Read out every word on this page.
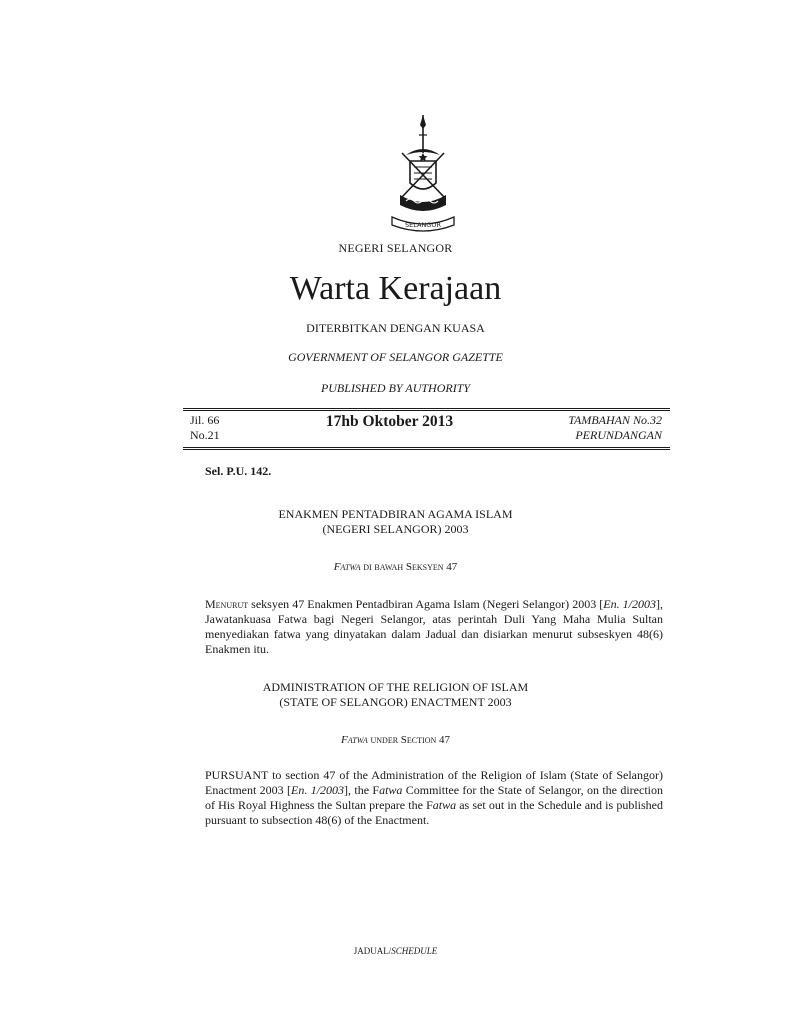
SELANGOR
NEGERI SELANGOR
Warta Kerajaan
DITERBITKAN DENGAN KUASA
GOVERNMENT OF SELANGOR GAZETTE
PUBLISHED BY AUTHORITY
Jil. 66
No.21
17hb Oktober 2013	TAMBAHAN No.32
PERUNDANGAN
Sel. P.U. 142.
ENAKMEN PENTADBIRAN AGAMA ISLAM
(NEGERI SELANGOR) 2003
Fatwa di bawah Seksyen 47
Menurut seksyen 47 Enakmen Pentadbiran Agama Islam (Negeri Selangor) 2003 [En. 1/2003], Jawatankuasa Fatwa bagi Negeri Selangor, atas perintah Duli Yang Maha Mulia Sultan menyediakan fatwa yang dinyatakan dalam Jadual dan disiarkan menurut subseskyen 48(6) Enakmen itu.
ADMINISTRATION OF THE RELIGION OF ISLAM
(STATE OF SELANGOR) ENACTMENT 2003
Fatwa under Section 47
PURSUANT to section 47 of the Administration of the Religion of Islam (State of Selangor) Enactment 2003 [En. 1/2003], the Fatwa Committee for the State of Selangor, on the direction of His Royal Highness the Sultan prepare the Fatwa as set out in the Schedule and is published pursuant to subsection 48(6) of the Enactment.
JADUAL/SCHEDULE
